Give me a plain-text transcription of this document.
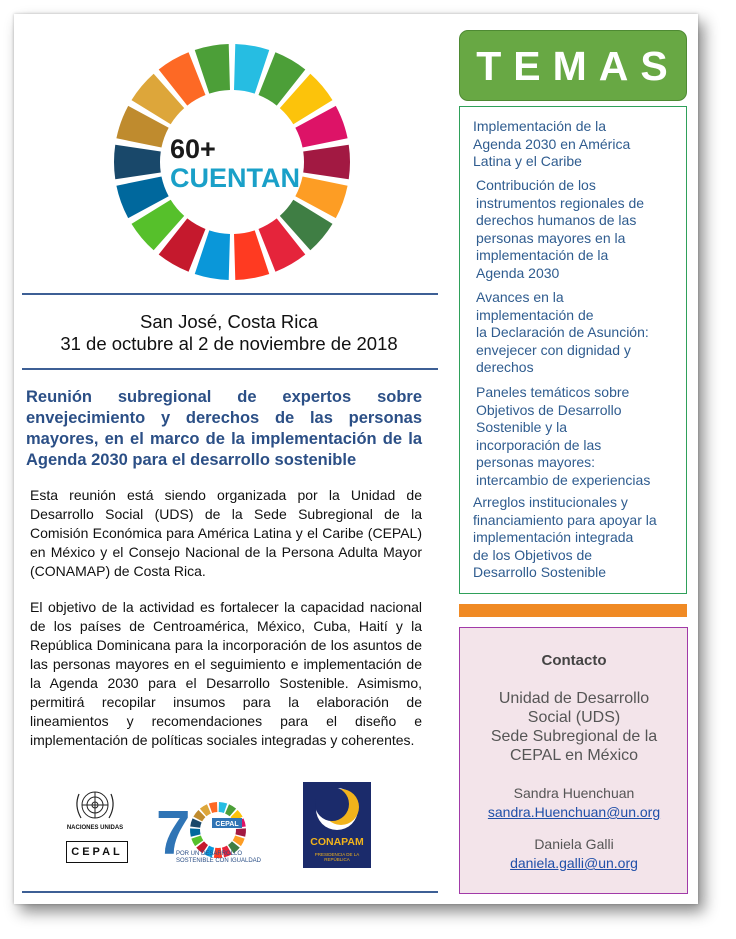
60+
CUENTAN
San José, Costa Rica
31 de octubre al 2 de noviembre de 2018
Reunión subregional de expertos sobre envejecimiento y derechos de las personas mayores, en el marco de la implementación de la Agenda 2030 para el desarrollo sostenible
Esta reunión está siendo organizada por la Unidad de Desarrollo Social (UDS) de la Sede Subregional de la Comisión Económica para América Latina y el Caribe (CEPAL) en México y el Consejo Nacional de la Persona Adulta Mayor (CONAMAP) de Costa Rica.
El objetivo de la actividad es fortalecer la capacidad nacional de los países de Centroamérica, México, Cuba, Haití y la República Dominicana para la incorporación de los asuntos de las personas mayores en el seguimiento e implementación de la Agenda 2030 para el Desarrollo Sostenible. Asimismo, permitirá recopilar insumos para la elaboración de lineamientos y recomendaciones para el diseño e implementación de políticas sociales integradas y coherentes.
NACIONES UNIDAS
CEPAL 7	CEPAL
POR UN DESARROLLO
SOSTENIBLE CON IGUALDAD
CONAPAM
PRESIDENCIA DE LA REPÚBLICA
TEMAS
Implementación de la
Agenda 2030 en América
Latina y el Caribe
Contribución de los
instrumentos regionales de
derechos humanos de las
personas mayores en la
implementación de la
Agenda 2030
Avances en la
implementación de
la Declaración de Asunción:
envejecer con dignidad y
derechos
Paneles temáticos sobre
Objetivos de Desarrollo
Sostenible y la
incorporación de las
personas mayores:
intercambio de experiencias
Arreglos institucionales y
financiamiento para apoyar la
implementación integrada
de los Objetivos de
Desarrollo Sostenible
Contacto
Unidad de Desarrollo
Social (UDS)
Sede Subregional de la
CEPAL en México
Sandra Huenchuan
sandra.Huenchuan@un.org
Daniela Galli
daniela.galli@un.org
